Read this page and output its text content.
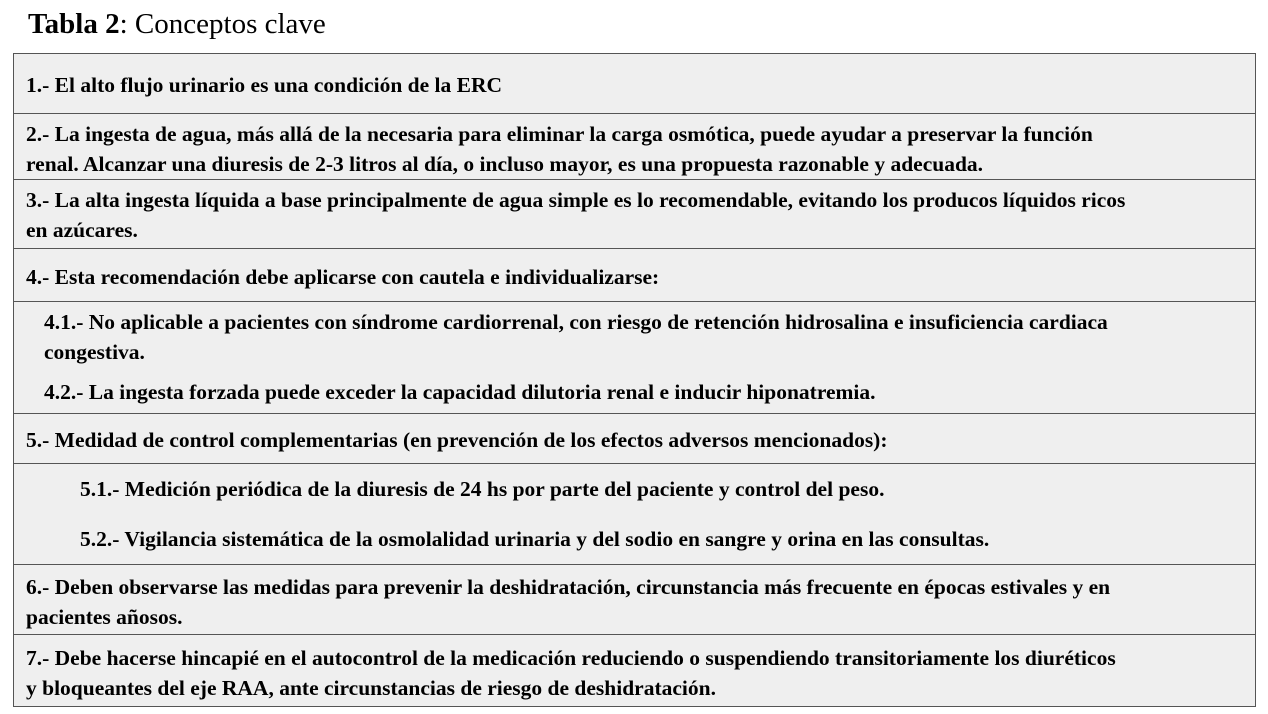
Tabla 2: Conceptos clave
1.- El alto flujo urinario es una condición de la ERC
2.- La ingesta de agua, más allá de la necesaria para eliminar la carga osmótica, puede ayudar a preservar la función
renal. Alcanzar una diuresis de 2-3 litros al día, o incluso mayor, es una propuesta razonable y adecuada.
3.- La alta ingesta líquida a base principalmente de agua simple es lo recomendable, evitando los producos líquidos ricos
en azúcares.
4.- Esta recomendación debe aplicarse con cautela e individualizarse:
4.1.- No aplicable a pacientes con síndrome cardiorrenal, con riesgo de retención hidrosalina e insuficiencia cardiaca
congestiva.
4.2.- La ingesta forzada puede exceder la capacidad dilutoria renal e inducir hiponatremia.
5.- Medidad de control complementarias (en prevención de los efectos adversos mencionados):
5.1.- Medición periódica de la diuresis de 24 hs por parte del paciente y control del peso.
5.2.- Vigilancia sistemática de la osmolalidad urinaria y del sodio en sangre y orina en las consultas.
6.- Deben observarse las medidas para prevenir la deshidratación, circunstancia más frecuente en épocas estivales y en
pacientes añosos.
7.- Debe hacerse hincapié en el autocontrol de la medicación reduciendo o suspendiendo transitoriamente los diuréticos
y bloqueantes del eje RAA, ante circunstancias de riesgo de deshidratación.
